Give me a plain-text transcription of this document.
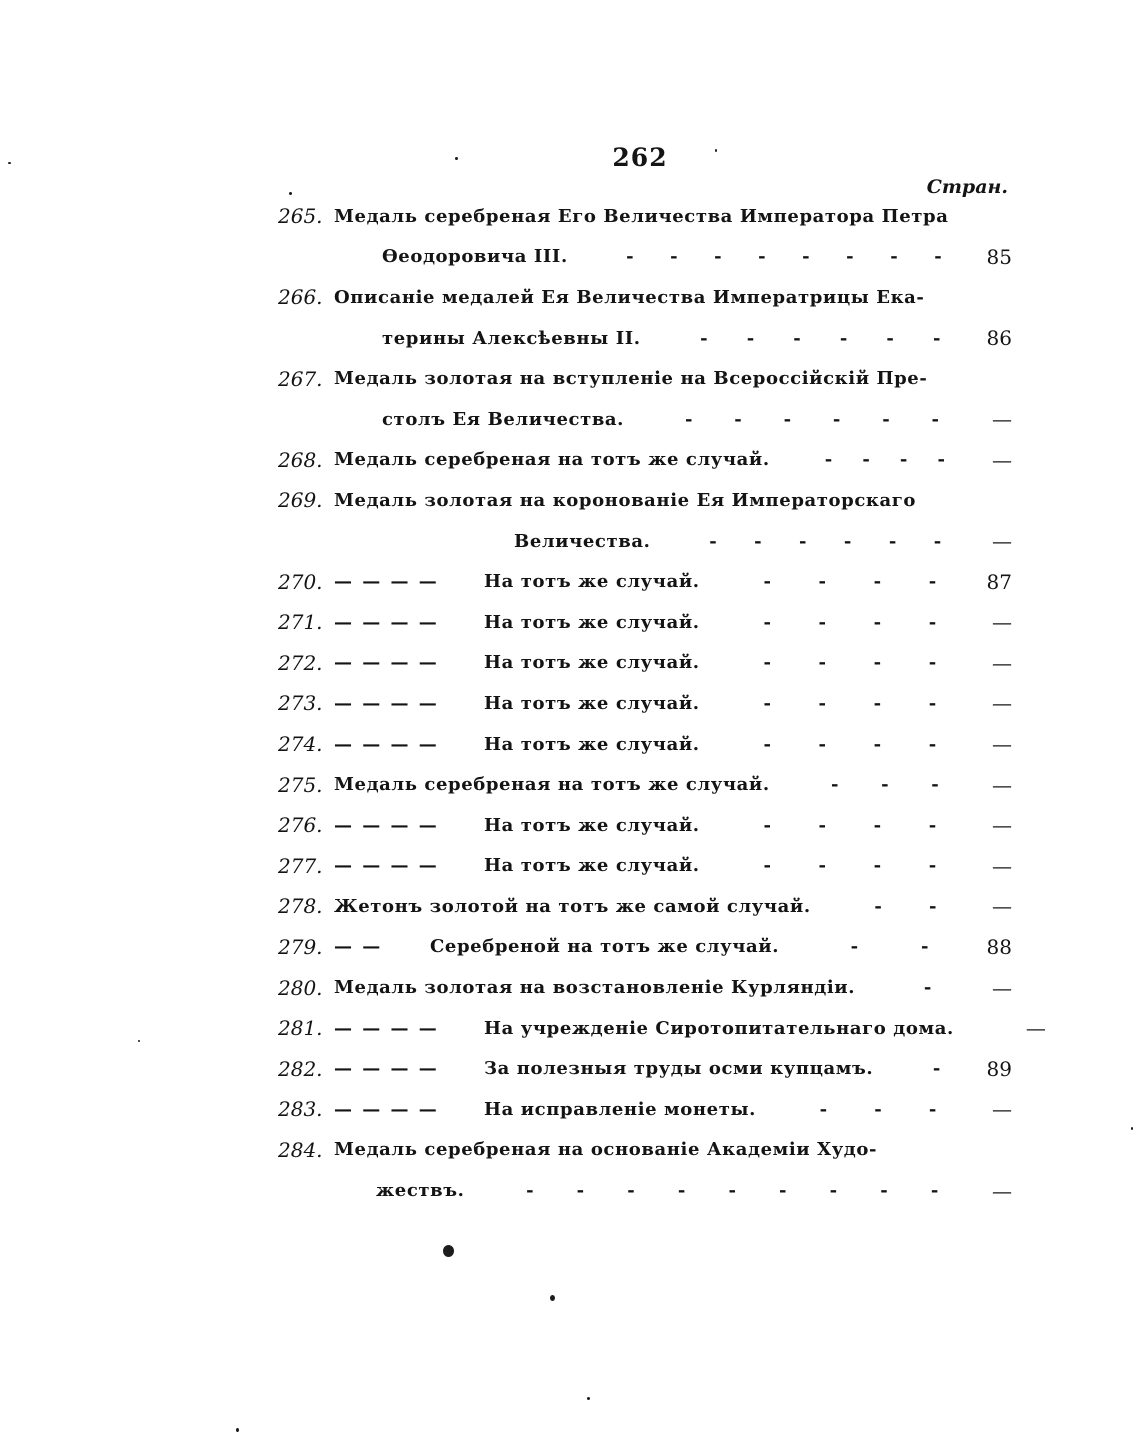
262
Стран.
265. Медаль серебреная Его Величества Императора Петра
Өеодоровича III.	- - - - - - - -	85
266. Описаніе медалей Ея Величества Императрицы Ека-
терины Алексѣевны II.	- - - - - -	86
267. Медаль золотая на вступленіе на Всероссійскій Пре-
столъ Ея Величества.	- - - - - -	—
268. Медаль серебреная на тотъ же случай.	- - - -	—
269. Медаль золотая на коронованіе Ея Императорскаго
Величества.	- - - - - -	—
270. — — — —	На тотъ же случай.	-	-	-	-	87
271. — — — —	На тотъ же случай.	-	-	-	-	—
272. — — — —	На тотъ же случай.	-	-	-	-	—
273. — — — —	На тотъ же случай.	-	-	-	-	—
274. — — — —	На тотъ же случай.	-	-	-	-	—
275. Медаль серебреная на тотъ же случай.	- - -	—
276. — — — —	На тотъ же случай.	-	-	-	-	—
277. — — — —	На тотъ же случай.	-	-	-	-	—
278. Жетонъ золотой на тотъ же самой случай.	-	-	—
279. — —	Серебреной на тотъ же случай.	-	-	88
280. Медаль золотая на возстановленіе Курляндіи.	-	—
281. — — — —	На учрежденіе Сиротопитательнаго дома.	—
282. — — — —	За полезныя труды осми купцамъ.	-	89
283. — — — —	На исправленіе монеты.	-	-	-	—
284. Медаль серебреная на основаніе Академіи Худо-
жествъ.	- - - - - - - - -	—
